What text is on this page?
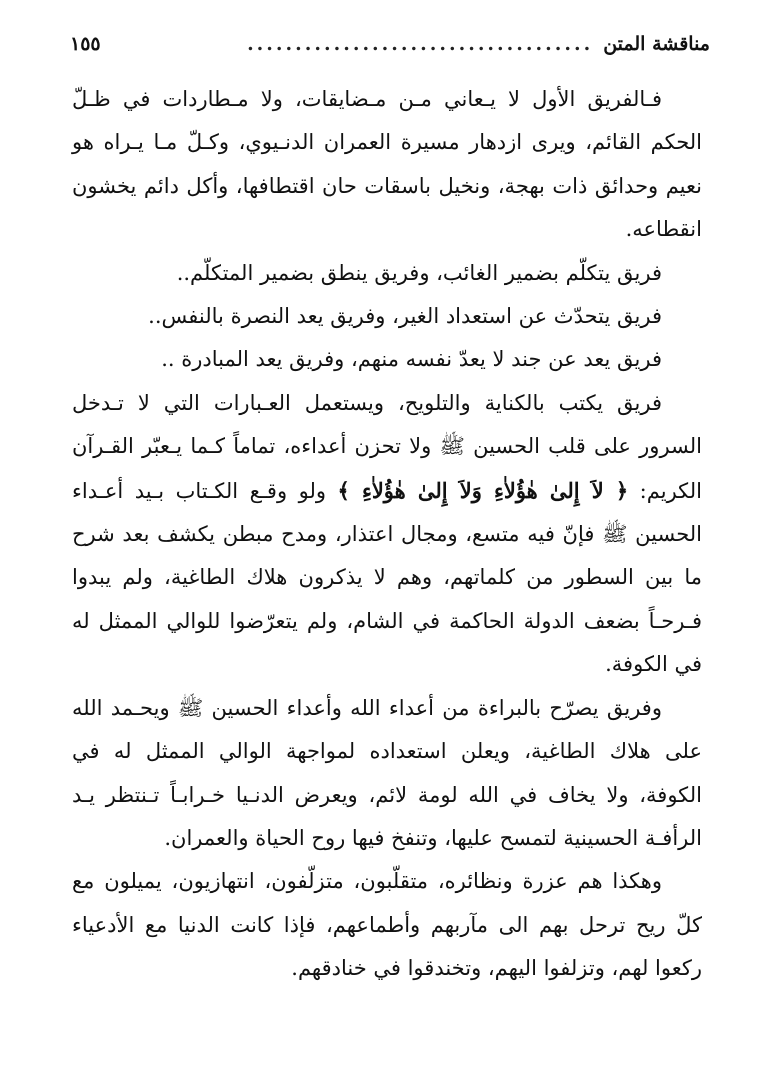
مناقشة المتن
....................................
١٥٥

فـالفريق الأول لا يـعاني مـن مـضايقات، ولا مـطاردات في ظـلّ الحكم القائم، ويرى ازدهار مسيرة العمران الدنـيوي، وكـلّ مـا يـراه هو نعيم وحدائق ذات بهجة، ونخيل باسقات حان اقتطافها، وأكل دائم يخشون انقطاعه.

فريق يتكلّم بضمير الغائب، وفريق ينطق بضمير المتكلّم..

فريق يتحدّث عن استعداد الغير، وفريق يعد النصرة بالنفس..

فريق يعد عن جند لا يعدّ نفسه منهم، وفريق يعد المبادرة ..

فريق يكتب بالكناية والتلويح، ويستعمل العـبارات التي لا تـدخل السرور على قلب الحسين ﷺ ولا تحزن أعداءه، تماماً كـما يـعبّر القـرآن الكريم: ﴿ لاَ إِلىٰ هٰؤُلاٰءِ وَلاَ إِلىٰ هٰؤُلاٰءِ ﴾ ولو وقـع الكـتاب بـيد أعـداء الحسين ﷺ فإنّ فيه متسع، ومجال اعتذار، ومدح مبطن يكشف بعد شرح ما بين السطور من كلماتهم، وهم لا يذكرون هلاك الطاغية، ولم يبدوا فـرحـاً بضعف الدولة الحاكمة في الشام، ولم يتعرّضوا للوالي الممثل له في الكوفة.

وفريق يصرّح بالبراءة من أعداء الله وأعداء الحسين ﷺ ويحـمد الله على هلاك الطاغية، ويعلن استعداده لمواجهة الوالي الممثل له في الكوفة، ولا يخاف في الله لومة لائم، ويعرض الدنـيا خـرابـاً تـنتظر يـد الرأفـة الحسينية لتمسح عليها، وتنفخ فيها روح الحياة والعمران.

وهكذا هم عزرة ونظائره، متقلّبون، متزلّفون، انتهازيون، يميلون مع كلّ ريح ترحل بهم الى مآربهم وأطماعهم، فإذا كانت الدنيا مع الأدعياء ركعوا لهم، وتزلفوا اليهم، وتخندقوا في خنادقهم.
